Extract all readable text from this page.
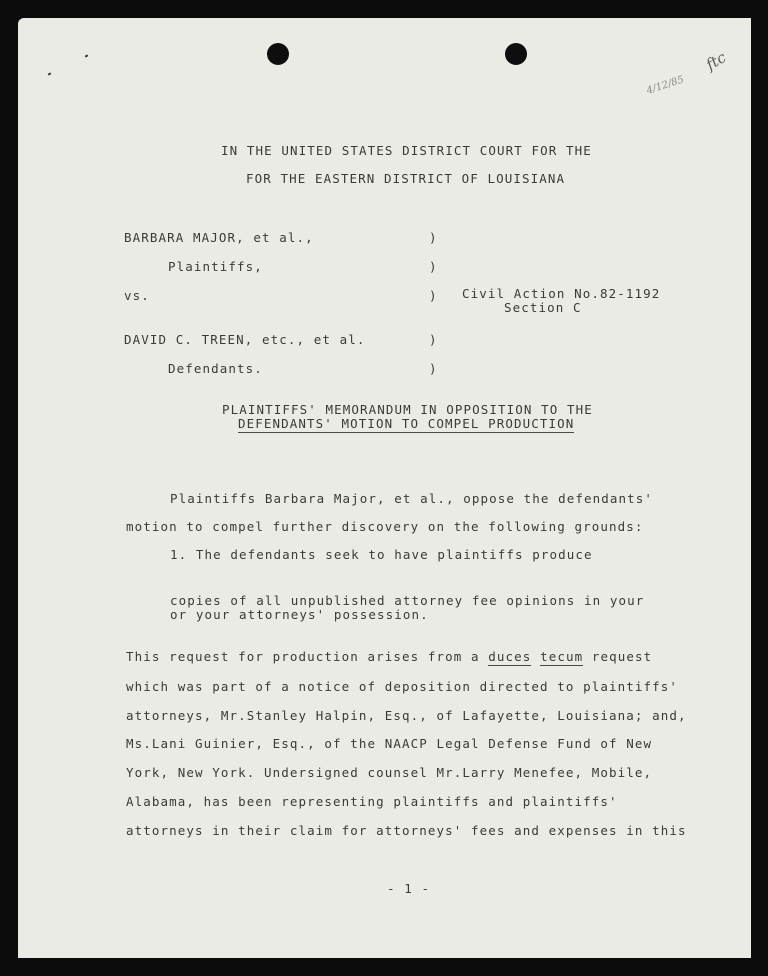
4/12/85
ftc
IN THE UNITED STATES DISTRICT COURT FOR THE
FOR THE EASTERN DISTRICT OF LOUISIANA
BARBARA MAJOR, et al.,	)
Plaintiffs,	)
vs.	) Civil Action No.82-1192
Section C
DAVID C. TREEN, etc., et al.	)
Defendants.	)
PLAINTIFFS' MEMORANDUM IN OPPOSITION TO THE
DEFENDANTS' MOTION TO COMPEL PRODUCTION
Plaintiffs Barbara Major, et al., oppose the defendants'
motion to compel further discovery on the following grounds:
1. The defendants seek to have plaintiffs produce
copies of all unpublished attorney fee opinions in your
or your attorneys' possession.
This request for production arises from a duces tecum request
which was part of a notice of deposition directed to plaintiffs'
attorneys, Mr.Stanley Halpin, Esq., of Lafayette, Louisiana; and,
Ms.Lani Guinier, Esq., of the NAACP Legal Defense Fund of New
York, New York. Undersigned counsel Mr.Larry Menefee, Mobile,
Alabama, has been representing plaintiffs and plaintiffs'
attorneys in their claim for attorneys' fees and expenses in this
- 1 -
